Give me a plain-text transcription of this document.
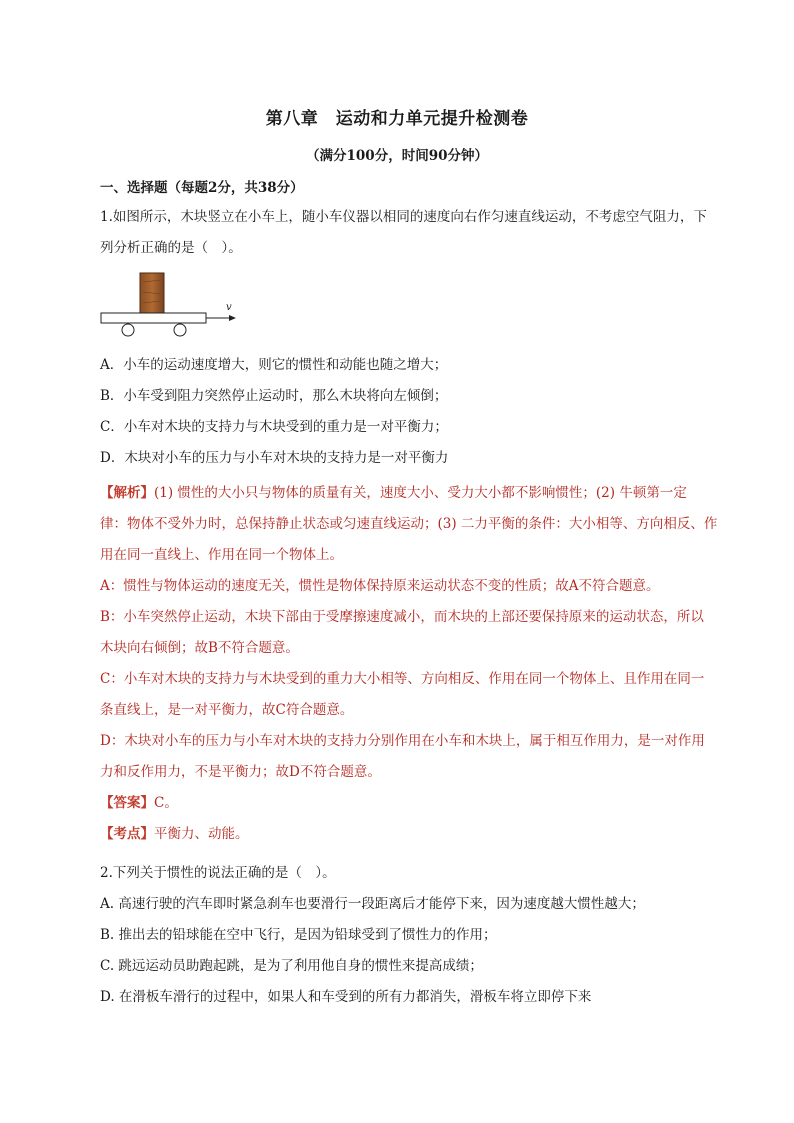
第八章　运动和力单元提升检测卷
（满分100分，时间90分钟）
一、选择题（每题2分，共38分）
1.如图所示，木块竖立在小车上，随小车仪器以相同的速度向右作匀速直线运动，不考虑空气阻力，下
列分析正确的是（　）。
v
A．小车的运动速度增大，则它的惯性和动能也随之增大；
B．小车受到阻力突然停止运动时，那么木块将向左倾倒；
C．小车对木块的支持力与木块受到的重力是一对平衡力；
D．木块对小车的压力与小车对木块的支持力是一对平衡力
【解析】(1) 惯性的大小只与物体的质量有关，速度大小、受力大小都不影响惯性；(2) 牛顿第一定
律：物体不受外力时，总保持静止状态或匀速直线运动；(3) 二力平衡的条件：大小相等、方向相反、作
用在同一直线上、作用在同一个物体上。
A：惯性与物体运动的速度无关，惯性是物体保持原来运动状态不变的性质；故A不符合题意。
B：小车突然停止运动，木块下部由于受摩擦速度减小，而木块的上部还要保持原来的运动状态，所以
木块向右倾倒；故B不符合题意。
C：小车对木块的支持力与木块受到的重力大小相等、方向相反、作用在同一个物体上、且作用在同一
条直线上，是一对平衡力，故C符合题意。
D：木块对小车的压力与小车对木块的支持力分别作用在小车和木块上，属于相互作用力，是一对作用
力和反作用力，不是平衡力；故D不符合题意。
【答案】C。
【考点】平衡力、动能。
2.下列关于惯性的说法正确的是（　）。
A. 高速行驶的汽车即时紧急刹车也要滑行一段距离后才能停下来，因为速度越大惯性越大；
B. 推出去的铅球能在空中飞行，是因为铅球受到了惯性力的作用；
C. 跳远运动员助跑起跳，是为了利用他自身的惯性来提高成绩；
D. 在滑板车滑行的过程中，如果人和车受到的所有力都消失，滑板车将立即停下来
